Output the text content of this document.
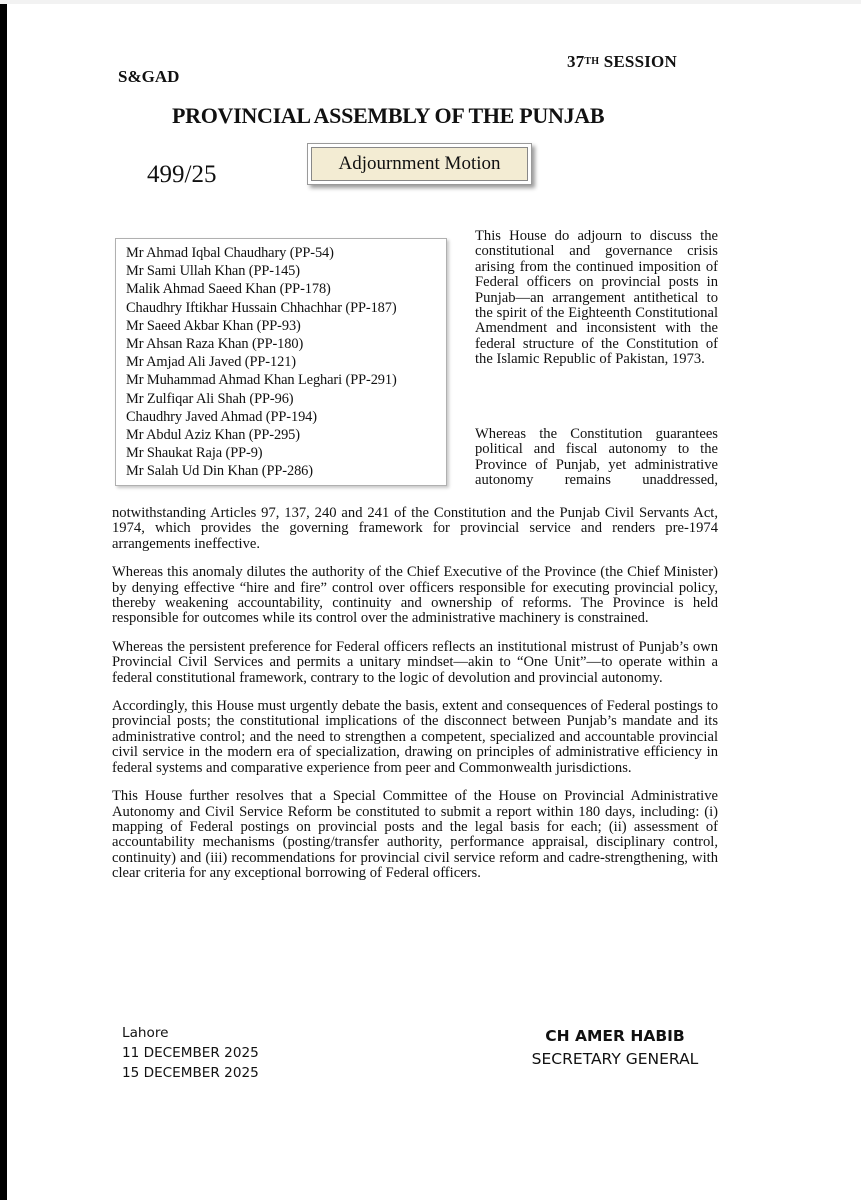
37TH SESSION
S&GAD
PROVINCIAL ASSEMBLY OF THE PUNJAB
499/25	Adjournment Motion
Mr Ahmad Iqbal Chaudhary (PP-54)
Mr Sami Ullah Khan (PP-145)
Malik Ahmad Saeed Khan (PP-178)
Chaudhry Iftikhar Hussain Chhachhar (PP-187)
Mr Saeed Akbar Khan (PP-93)
Mr Ahsan Raza Khan (PP-180)
Mr Amjad Ali Javed (PP-121)
Mr Muhammad Ahmad Khan Leghari (PP-291)
Mr Zulfiqar Ali Shah (PP-96)
Chaudhry Javed Ahmad (PP-194)
Mr Abdul Aziz Khan (PP-295)
Mr Shaukat Raja (PP-9)
Mr Salah Ud Din Khan (PP-286)

This House do adjourn to discuss the constitutional and governance crisis arising from the continued imposition of Federal officers on provincial posts in Punjab—an arrangement antithetical to the spirit of the Eighteenth Constitutional Amendment and inconsistent with the federal structure of the Constitution of the Islamic Republic of Pakistan, 1973.

Whereas the Constitution guarantees political and fiscal autonomy to the Province of Punjab, yet administrative autonomy remains unaddressed,

notwithstanding Articles 97, 137, 240 and 241 of the Constitution and the Punjab Civil Servants Act, 1974, which provides the governing framework for provincial service and renders pre-1974 arrangements ineffective.

Whereas this anomaly dilutes the authority of the Chief Executive of the Province (the Chief Minister) by denying effective “hire and fire” control over officers responsible for executing provincial policy, thereby weakening accountability, continuity and ownership of reforms. The Province is held responsible for outcomes while its control over the administrative machinery is constrained.

Whereas the persistent preference for Federal officers reflects an institutional mistrust of Punjab’s own Provincial Civil Services and permits a unitary mindset—akin to “One Unit”—to operate within a federal constitutional framework, contrary to the logic of devolution and provincial autonomy.

Accordingly, this House must urgently debate the basis, extent and consequences of Federal postings to provincial posts; the constitutional implications of the disconnect between Punjab’s mandate and its administrative control; and the need to strengthen a competent, specialized and accountable provincial civil service in the modern era of specialization, drawing on principles of administrative efficiency in federal systems and comparative experience from peer and Commonwealth jurisdictions.

This House further resolves that a Special Committee of the House on Provincial Administrative Autonomy and Civil Service Reform be constituted to submit a report within 180 days, including: (i) mapping of Federal postings on provincial posts and the legal basis for each; (ii) assessment of accountability mechanisms (posting/transfer authority, performance appraisal, disciplinary control, continuity) and (iii) recommendations for provincial civil service reform and cadre-strengthening, with clear criteria for any exceptional borrowing of Federal officers.

Lahore
11 DECEMBER 2025
15 DECEMBER 2025
CH AMER HABIB
SECRETARY GENERAL
